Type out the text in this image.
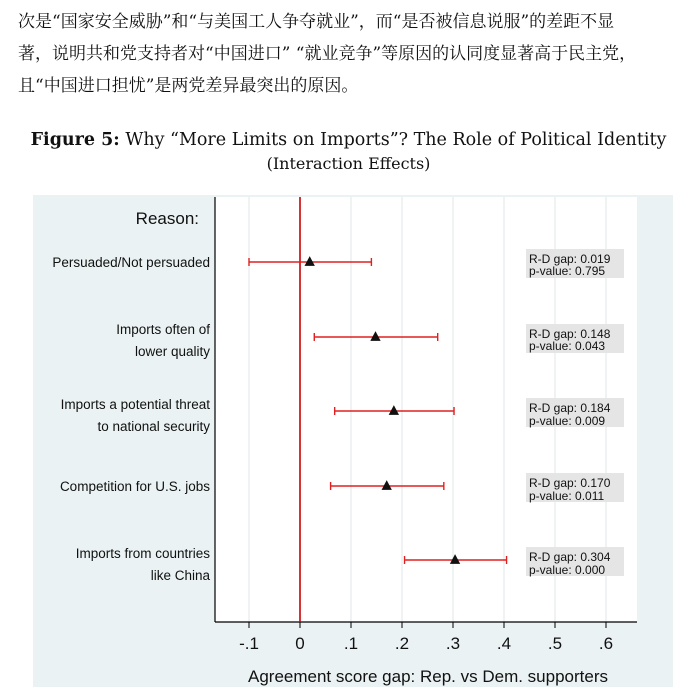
次是“国家安全威胁”和“与美国工人争夺就业”，而“是否被信息说服”的差距不显
著，说明共和党支持者对“中国进口” “就业竞争”等原因的认同度显著高于民主党，
且“中国进口担忧”是两党差异最突出的原因。
Figure 5: Why “More Limits on Imports”? The Role of Political Identity
(Interaction Effects)
-.1 0 .1 .2 .3 .4 .5 .6
Agreement score gap: Rep. vs Dem. supporters
Reason:
Persuaded/Not persuaded	R-D gap: 0.019
p-value: 0.795
Imports often of
lower quality
R-D gap: 0.148
p-value: 0.043
Imports a potential threat
to national security
R-D gap: 0.184
p-value: 0.009
Competition for U.S. jobs	R-D gap: 0.170
p-value: 0.011
Imports from countries
like China
R-D gap: 0.304
p-value: 0.000
